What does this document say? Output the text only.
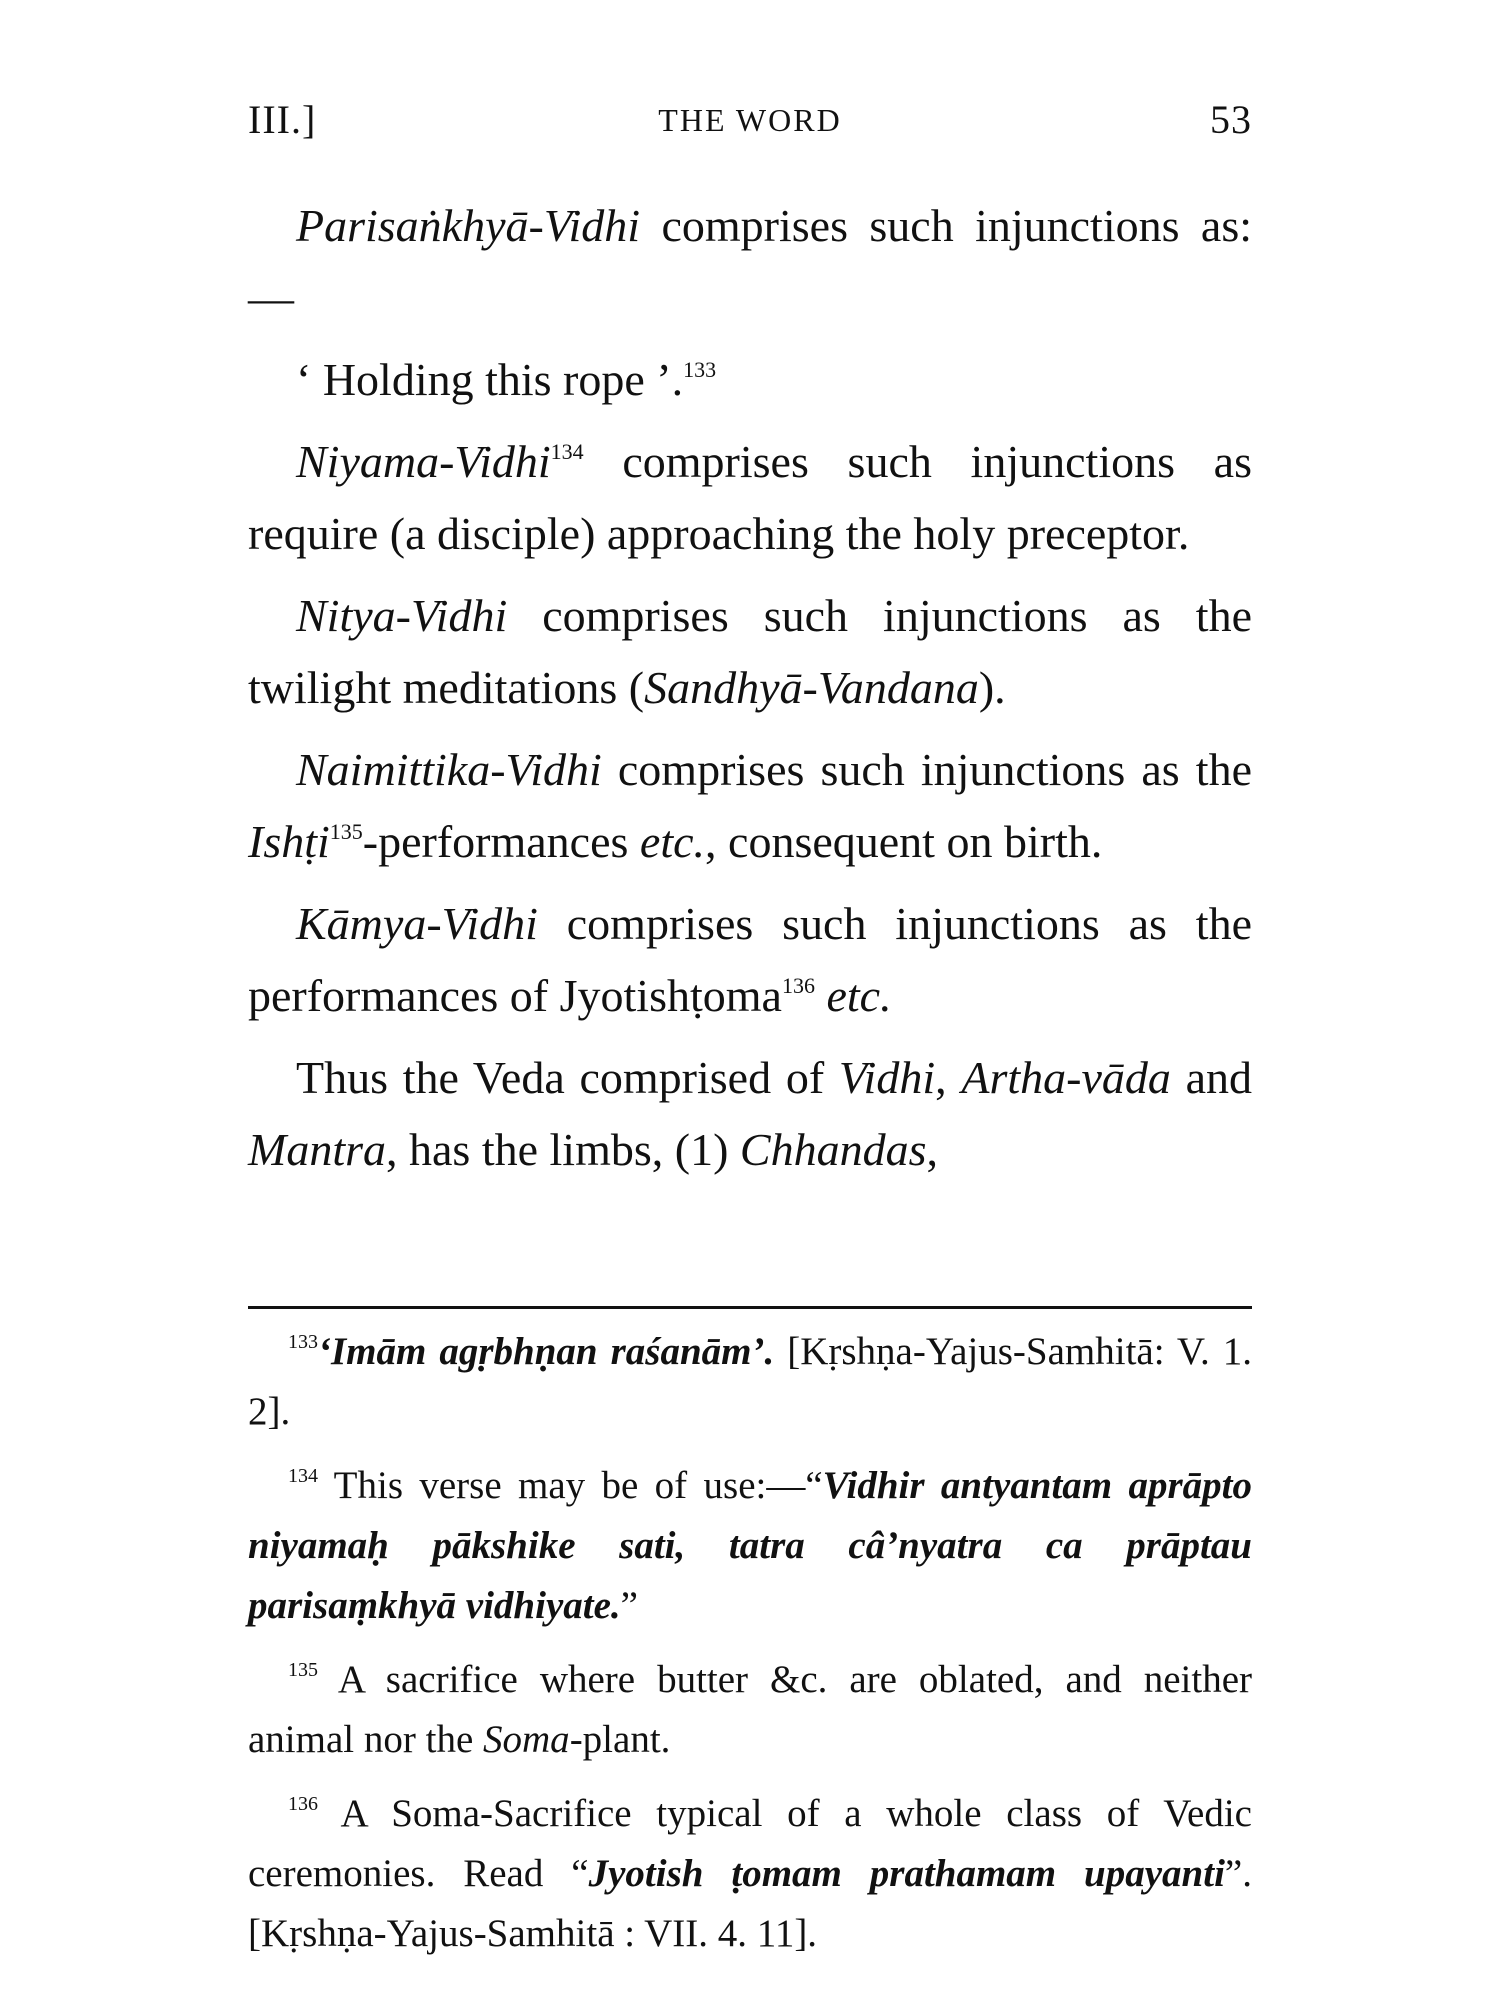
III.]	THE WORD	53

Parisaṅkhyā-Vidhi comprises such injunctions as:—

‘ Holding this rope ’.$^{133}$

Niyama-Vidhi$^{134}$ comprises such injunctions as require (a disciple) approaching the holy preceptor.

Nitya-Vidhi comprises such injunctions as the twilight meditations (Sandhyā-Vandana).

Naimittika-Vidhi comprises such injunctions as the Ishṭi$^{135}$-performances etc., consequent on birth.

Kāmya-Vidhi comprises such injunctions as the performances of Jyotishṭoma$^{136}$ etc.

Thus the Veda comprised of Vidhi, Artha-vāda and Mantra, has the limbs, (1) Chhandas,

$^{133}$‘Imām agṛbhṇan raśanām’. [Kṛshṇa-Yajus-Samhitā: V. 1. 2].

$^{134}$ This verse may be of use:—“Vidhir antyantam aprāpto niyamaḥ pākshike sati, tatra câ’nyatra ca prāptau parisaṃkhyā vidhiyate.”

$^{135}$ A sacrifice where butter &c. are oblated, and neither animal nor the Soma-plant.

$^{136}$ A Soma-Sacrifice typical of a whole class of Vedic ceremonies. Read “Jyotish ṭomam prathamam upayanti”. [Kṛshṇa-Yajus-Samhitā : VII. 4. 11].
